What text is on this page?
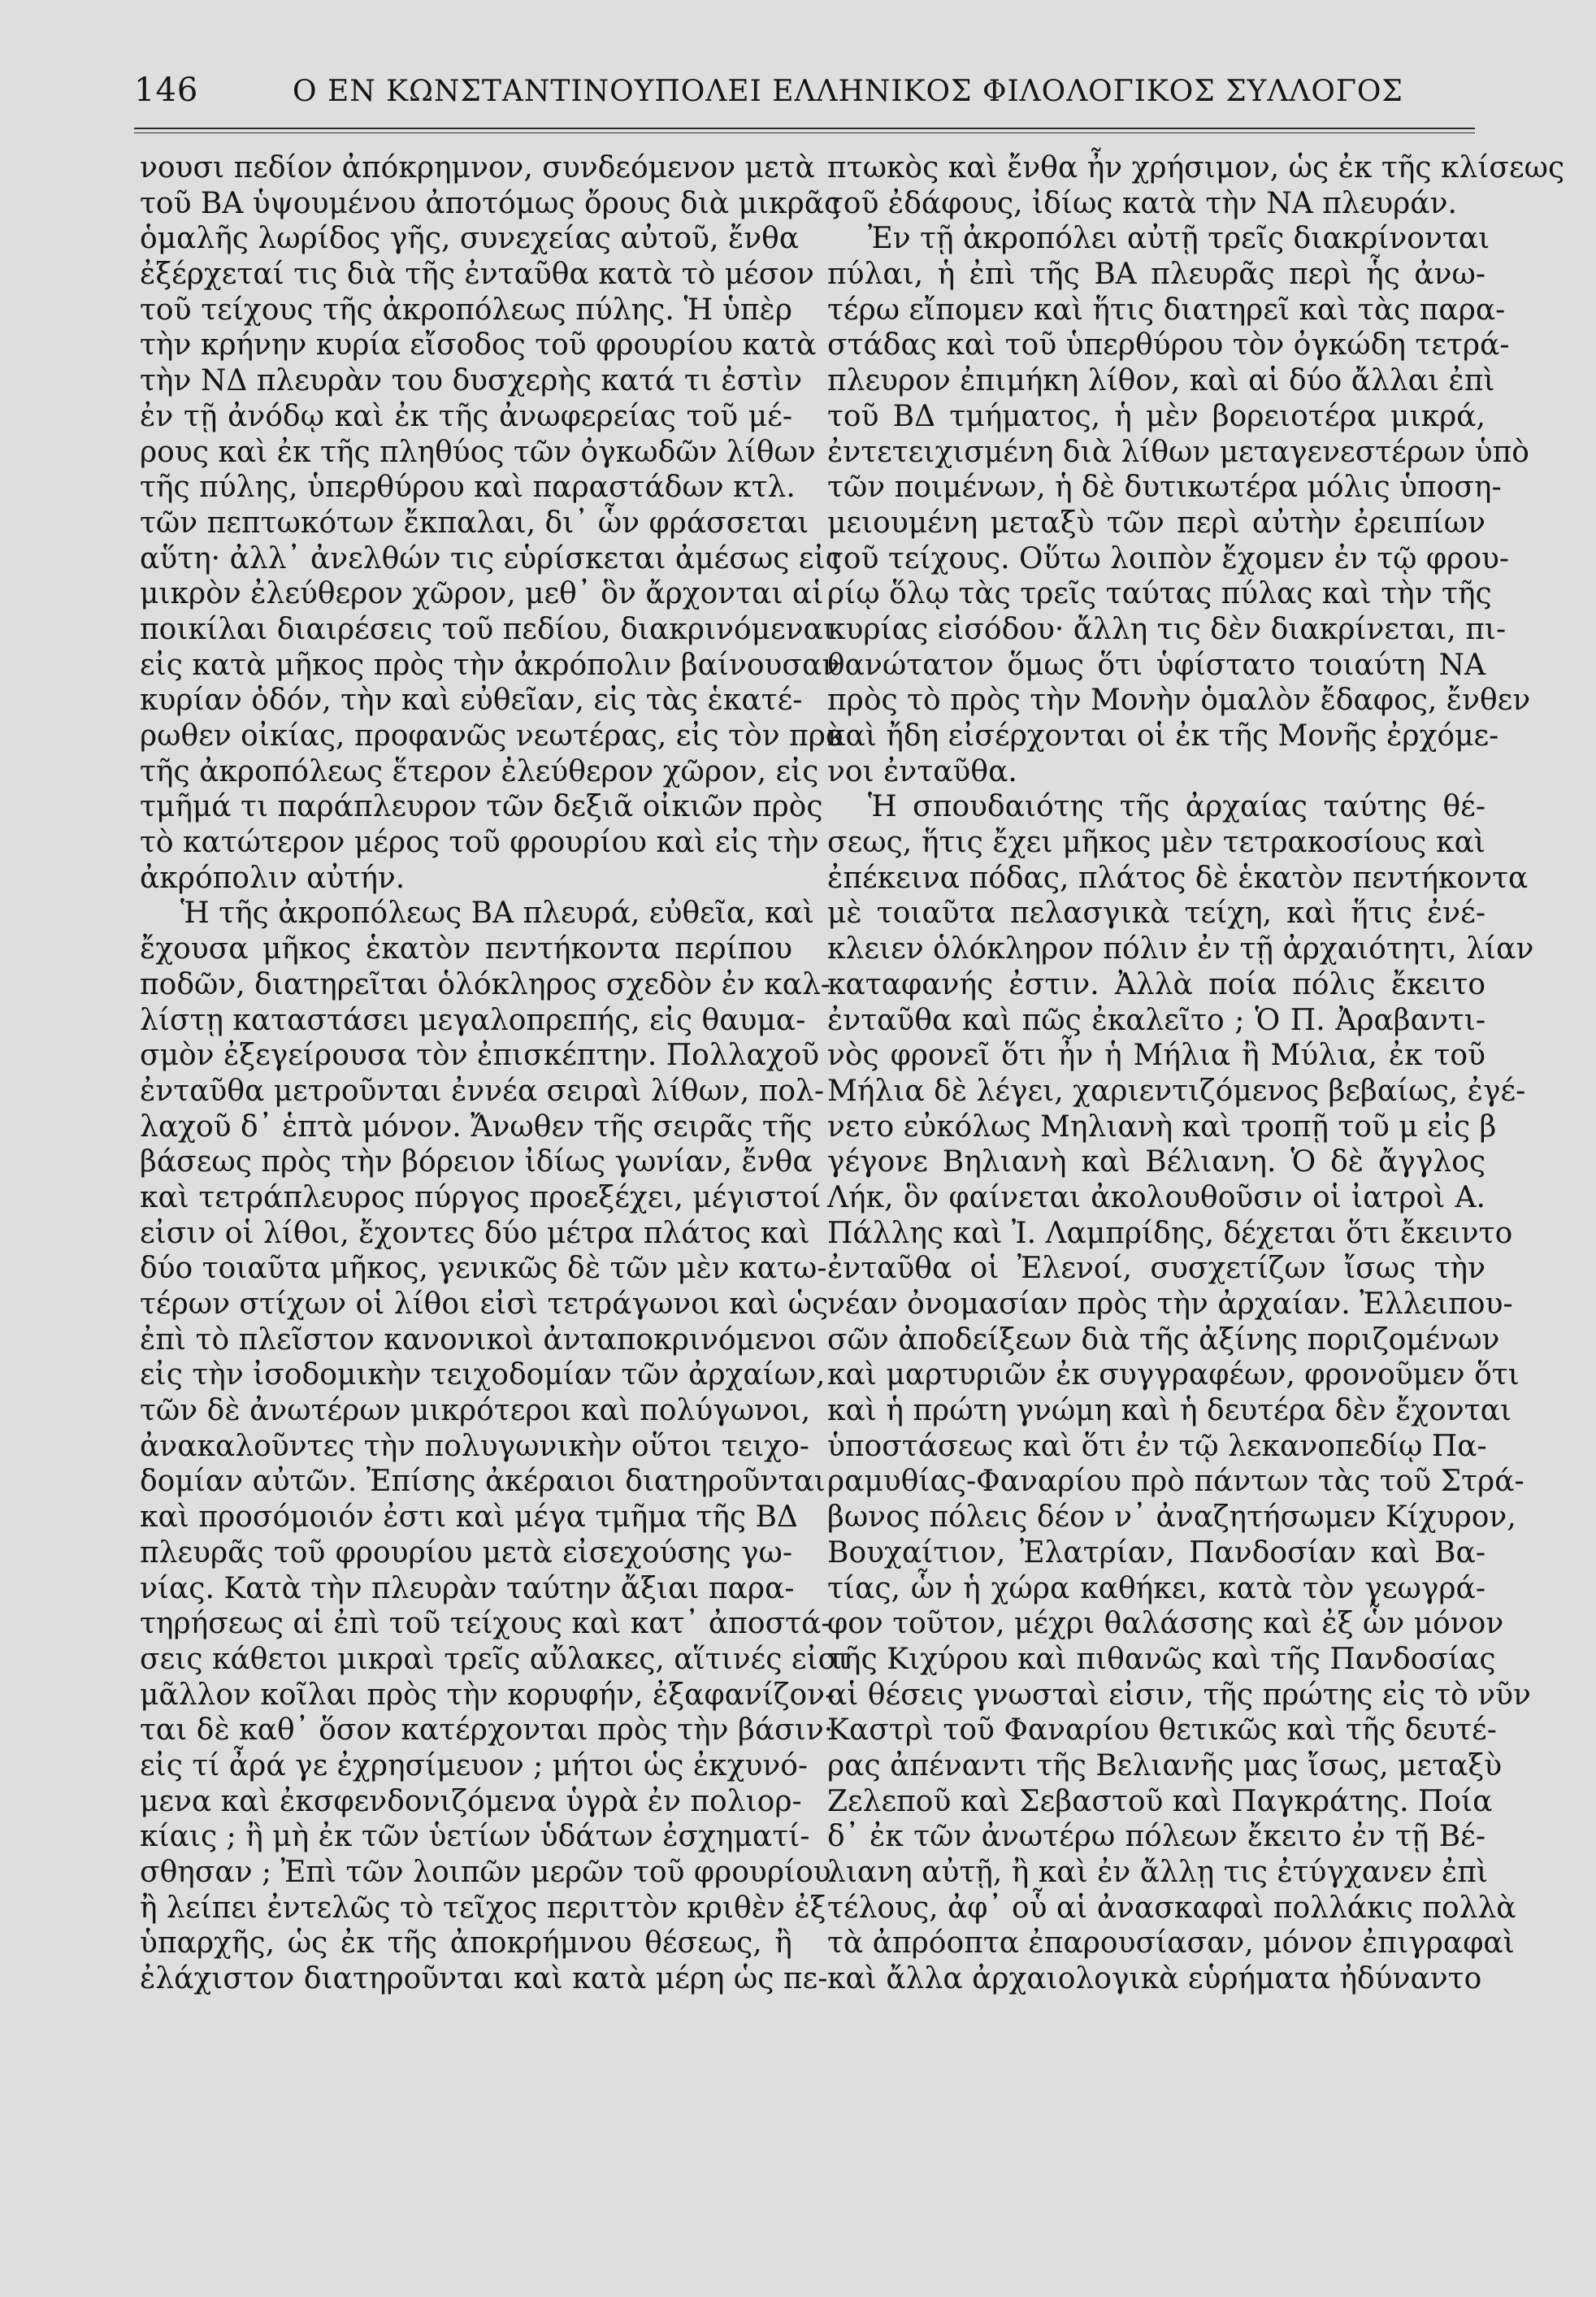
146	Ο ΕΝ ΚΩΝΣΤΑΝΤΙΝΟΥΠΟΛΕΙ ΕΛΛΗΝΙΚΟΣ ΦΙΛΟΛΟΓΙΚΟΣ ΣΥΛΛΟΓΟΣ
νουσι πεδίον ἀπόκρημνον, συνδεόμενον μετὰ
τοῦ ΒΑ ὑψουμένου ἀποτόμως ὄρους διὰ μικρᾶς
ὁμαλῆς λωρίδος γῆς, συνεχείας αὐτοῦ, ἔνθα
ἐξέρχεταί τις διὰ τῆς ἐνταῦθα κατὰ τὸ μέσον
τοῦ τείχους τῆς ἀκροπόλεως πύλης. Ἡ ὑπὲρ
τὴν κρήνην κυρία εἴσοδος τοῦ φρουρίου κατὰ
τὴν ΝΔ πλευρὰν του δυσχερὴς κατά τι ἐστὶν
ἐν τῇ ἀνόδῳ καὶ ἐκ τῆς ἀνωφερείας τοῦ μέ-
ρους καὶ ἐκ τῆς πληθύος τῶν ὀγκωδῶν λίθων
τῆς πύλης, ὑπερθύρου καὶ παραστάδων κτλ.
τῶν πεπτωκότων ἔκπαλαι, δι᾽ ὧν φράσσεται
αὕτη· ἀλλ᾽ ἀνελθών τις εὑρίσκεται ἀμέσως εἰς
μικρὸν ἐλεύθερον χῶρον, μεθ᾽ ὃν ἄρχονται αἱ
ποικίλαι διαιρέσεις τοῦ πεδίου, διακρινόμεναι
εἰς κατὰ μῆκος πρὸς τὴν ἀκρόπολιν βαίνουσαν
κυρίαν ὁδόν, τὴν καὶ εὐθεῖαν, εἰς τὰς ἑκατέ-
ρωθεν οἰκίας, προφανῶς νεωτέρας, εἰς τὸν πρὸ
τῆς ἀκροπόλεως ἕτερον ἐλεύθερον χῶρον, εἰς
τμῆμά τι παράπλευρον τῶν δεξιᾶ οἰκιῶν πρὸς
τὸ κατώτερον μέρος τοῦ φρουρίου καὶ εἰς τὴν
ἀκρόπολιν αὐτήν.
Ἡ τῆς ἀκροπόλεως ΒΑ πλευρά, εὐθεῖα, καὶ
ἔχουσα μῆκος ἑκατὸν πεντήκοντα περίπου
ποδῶν, διατηρεῖται ὁλόκληρος σχεδὸν ἐν καλ-
λίστῃ καταστάσει μεγαλοπρεπής, εἰς θαυμα-
σμὸν ἐξεγείρουσα τὸν ἐπισκέπτην. Πολλαχοῦ
ἐνταῦθα μετροῦνται ἐννέα σειραὶ λίθων, πολ-
λαχοῦ δ᾽ ἑπτὰ μόνον. Ἄνωθεν τῆς σειρᾶς τῆς
βάσεως πρὸς τὴν βόρειον ἰδίως γωνίαν, ἔνθα
καὶ τετράπλευρος πύργος προεξέχει, μέγιστοί
εἰσιν οἱ λίθοι, ἔχοντες δύο μέτρα πλάτος καὶ
δύο τοιαῦτα μῆκος, γενικῶς δὲ τῶν μὲν κατω-
τέρων στίχων οἱ λίθοι εἰσὶ τετράγωνοι καὶ ὡς
ἐπὶ τὸ πλεῖστον κανονικοὶ ἀνταποκρινόμενοι
εἰς τὴν ἰσοδομικὴν τειχοδομίαν τῶν ἀρχαίων,
τῶν δὲ ἀνωτέρων μικρότεροι καὶ πολύγωνοι,
ἀνακαλοῦντες τὴν πολυγωνικὴν οὕτοι τειχο-
δομίαν αὐτῶν. Ἐπίσης ἀκέραιοι διατηροῦνται
καὶ προσόμοιόν ἐστι καὶ μέγα τμῆμα τῆς ΒΔ
πλευρᾶς τοῦ φρουρίου μετὰ εἰσεχούσης γω-
νίας. Κατὰ τὴν πλευρὰν ταύτην ἄξιαι παρα-
τηρήσεως αἱ ἐπὶ τοῦ τείχους καὶ κατ᾽ ἀποστά-
σεις κάθετοι μικραὶ τρεῖς αὔλακες, αἵτινές εἰσι
μᾶλλον κοῖλαι πρὸς τὴν κορυφήν, ἐξαφανίζον-
ται δὲ καθ᾽ ὅσον κατέρχονται πρὸς τὴν βάσιν·
εἰς τί ἆρά γε ἐχρησίμευον ; μήτοι ὡς ἐκχυνό-
μενα καὶ ἐκσφενδονιζόμενα ὑγρὰ ἐν πολιορ-
κίαις ; ἢ μὴ ἐκ τῶν ὑετίων ὑδάτων ἐσχηματί-
σθησαν ; Ἐπὶ τῶν λοιπῶν μερῶν τοῦ φρουρίου
ἢ λείπει ἐντελῶς τὸ τεῖχος περιττὸν κριθὲν ἐξ
ὑπαρχῆς, ὡς ἐκ τῆς ἀποκρήμνου θέσεως, ἢ
ἐλάχιστον διατηροῦνται καὶ κατὰ μέρη ὡς πε-
πτωκὸς καὶ ἔνθα ἦν χρήσιμον, ὡς ἐκ τῆς κλίσεως
τοῦ ἐδάφους, ἰδίως κατὰ τὴν ΝΑ πλευράν.
Ἐν τῇ ἀκροπόλει αὐτῇ τρεῖς διακρίνονται
πύλαι, ἡ ἐπὶ τῆς ΒΑ πλευρᾶς περὶ ἧς ἀνω-
τέρω εἴπομεν καὶ ἥτις διατηρεῖ καὶ τὰς παρα-
στάδας καὶ τοῦ ὑπερθύρου τὸν ὀγκώδη τετρά-
πλευρον ἐπιμήκη λίθον, καὶ αἱ δύο ἄλλαι ἐπὶ
τοῦ ΒΔ τμήματος, ἡ μὲν βορειοτέρα μικρά,
ἐντετειχισμένη διὰ λίθων μεταγενεστέρων ὑπὸ
τῶν ποιμένων, ἡ δὲ δυτικωτέρα μόλις ὑποση-
μειουμένη μεταξὺ τῶν περὶ αὐτὴν ἐρειπίων
τοῦ τείχους. Οὕτω λοιπὸν ἔχομεν ἐν τῷ φρου-
ρίῳ ὅλῳ τὰς τρεῖς ταύτας πύλας καὶ τὴν τῆς
κυρίας εἰσόδου· ἄλλη τις δὲν διακρίνεται, πι-
θανώτατον ὅμως ὅτι ὑφίστατο τοιαύτη ΝΑ
πρὸς τὸ πρὸς τὴν Μονὴν ὁμαλὸν ἔδαφος, ἔνθεν
καὶ ἤδη εἰσέρχονται οἱ ἐκ τῆς Μονῆς ἐρχόμε-
νοι ἐνταῦθα.
Ἡ σπουδαιότης τῆς ἀρχαίας ταύτης θέ-
σεως, ἥτις ἔχει μῆκος μὲν τετρακοσίους καὶ
ἐπέκεινα πόδας, πλάτος δὲ ἑκατὸν πεντήκοντα
μὲ τοιαῦτα πελασγικὰ τείχη, καὶ ἥτις ἐνέ-
κλειεν ὁλόκληρον πόλιν ἐν τῇ ἀρχαιότητι, λίαν
καταφανής ἐστιν. Ἀλλὰ ποία πόλις ἔκειτο
ἐνταῦθα καὶ πῶς ἐκαλεῖτο ; Ὁ Π. Ἀραβαντι-
νὸς φρονεῖ ὅτι ἦν ἡ Μήλια ἢ Μύλια, ἐκ τοῦ
Μήλια δὲ λέγει, χαριεντιζόμενος βεβαίως, ἐγέ-
νετο εὐκόλως Μηλιανὴ καὶ τροπῇ τοῦ μ εἰς β
γέγονε Βηλιανὴ καὶ Βέλιανη. Ὁ δὲ ἄγγλος
Λήκ, ὃν φαίνεται ἀκολουθοῦσιν οἱ ἰατροὶ Α.
Πάλλης καὶ Ἰ. Λαμπρίδης, δέχεται ὅτι ἔκειντο
ἐνταῦθα οἱ Ἐλενοί, συσχετίζων ἴσως τὴν
νέαν ὀνομασίαν πρὸς τὴν ἀρχαίαν. Ἐλλειπου-
σῶν ἀποδείξεων διὰ τῆς ἀξίνης ποριζομένων
καὶ μαρτυριῶν ἐκ συγγραφέων, φρονοῦμεν ὅτι
καὶ ἡ πρώτη γνώμη καὶ ἡ δευτέρα δὲν ἔχονται
ὑποστάσεως καὶ ὅτι ἐν τῷ λεκανοπεδίῳ Πα-
ραμυθίας-Φαναρίου πρὸ πάντων τὰς τοῦ Στρά-
βωνος πόλεις δέον ν᾽ ἀναζητήσωμεν Κίχυρον,
Βουχαίτιον, Ἐλατρίαν, Πανδοσίαν καὶ Βα-
τίας, ὧν ἡ χώρα καθήκει, κατὰ τὸν γεωγρά-
φον τοῦτον, μέχρι θαλάσσης καὶ ἐξ ὧν μόνον
τῆς Κιχύρου καὶ πιθανῶς καὶ τῆς Πανδοσίας
αἱ θέσεις γνωσταὶ εἰσιν, τῆς πρώτης εἰς τὸ νῦν
Καστρὶ τοῦ Φαναρίου θετικῶς καὶ τῆς δευτέ-
ρας ἀπέναντι τῆς Βελιανῆς μας ἴσως, μεταξὺ
Ζελεποῦ καὶ Σεβαστοῦ καὶ Παγκράτης. Ποία
δ᾽ ἐκ τῶν ἀνωτέρω πόλεων ἔκειτο ἐν τῇ Βέ-
λιανη αὐτῇ, ἢ καὶ ἐν ἄλλῃ τις ἐτύγχανεν ἐπὶ
τέλους, ἀφ᾽ οὗ αἱ ἀνασκαφαὶ πολλάκις πολλὰ
τὰ ἀπρόοπτα ἐπαρουσίασαν, μόνον ἐπιγραφαὶ
καὶ ἄλλα ἀρχαιολογικὰ εὑρήματα ἠδύναντο
